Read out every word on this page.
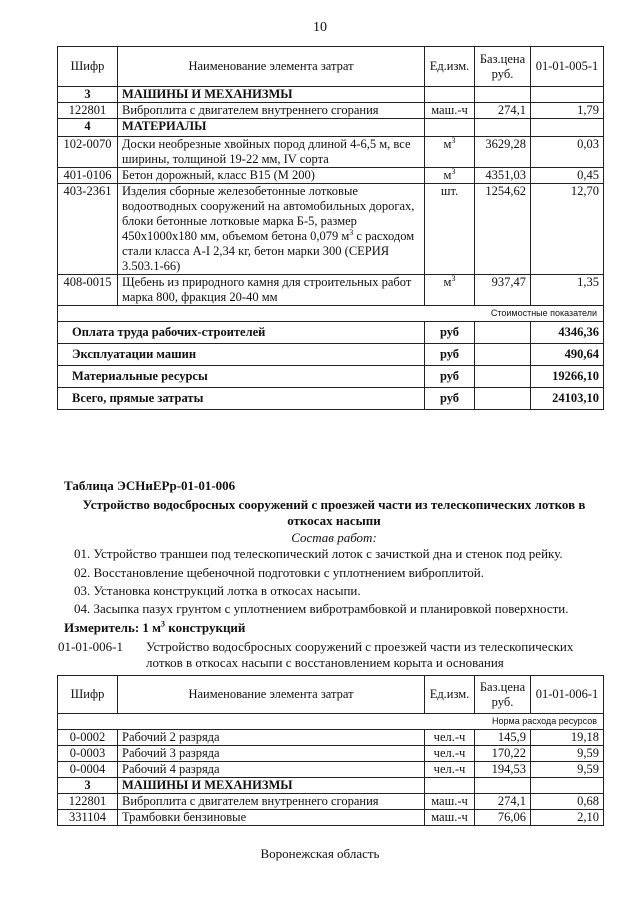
10
Шифр	Наименование элемента затрат	Ед.изм.	Баз.цена руб.	01-01-005-1
3	МАШИНЫ И МЕХАНИЗМЫ			
122801	Виброплита с двигателем внутреннего сгорания	маш.-ч	274,1	1,79
4	МАТЕРИАЛЫ			
102-0070	Доски необрезные хвойных пород длиной 4-6,5 м, все ширины, толщиной 19-22 мм, IV сорта	$м^3$	3629,28	0,03
401-0106	Бетон дорожный, класс B15 (М 200)	$м^3$	4351,03	0,45
403-2361	Изделия сборные железобетонные лотковые водоотводных сооружений на автомобильных дорогах, блоки бетонные лотковые марка Б-5, размер 450x1000x180 мм, объемом бетона 0,079 $м^3$ с расходом стали класса А-I 2,34 кг, бетон марки 300 (СЕРИЯ 3.503.1-66)	шт.	1254,62	12,70
408-0015	Щебень из природного камня для строительных работ марка 800, фракция 20-40 мм	$м^3$	937,47	1,35
Стоимостные показатели				
Оплата труда рабочих-строителей		руб		4346,36
Эксплуатации машин		руб		490,64
Материальные ресурсы		руб		19266,10
Всего, прямые затраты		руб		24103,10
Таблица ЭСНиЕРр-01-01-006
Устройство водосбросных сооружений с проезжей части из телескопических лотков в откосах насыпи
Состав работ:
01. Устройство траншеи под телескопический лоток с зачисткой дна и стенок под рейку.
02. Восстановление щебеночной подготовки с уплотнением виброплитой.
03. Установка конструкций лотка в откосах насыпи.
04. Засыпка пазух грунтом с уплотнением вибротрамбовкой и планировкой поверхности.
Измеритель: 1 $м^3$ конструкций
01-01-006-1 Устройство водосбросных сооружений с проезжей части из телескопических лотков в откосах насыпи с восстановлением корыта и основания
Шифр	Наименование элемента затрат	Ед.изм.	Баз.цена руб.	01-01-006-1
Норма расхода ресурсов				
0-0002	Рабочий 2 разряда	чел.-ч	145,9	19,18
0-0003	Рабочий 3 разряда	чел.-ч	170,22	9,59
0-0004	Рабочий 4 разряда	чел.-ч	194,53	9,59
3	МАШИНЫ И МЕХАНИЗМЫ			
122801	Виброплита с двигателем внутреннего сгорания	маш.-ч	274,1	0,68
331104	Трамбовки бензиновые	маш.-ч	76,06	2,10
Воронежская область
